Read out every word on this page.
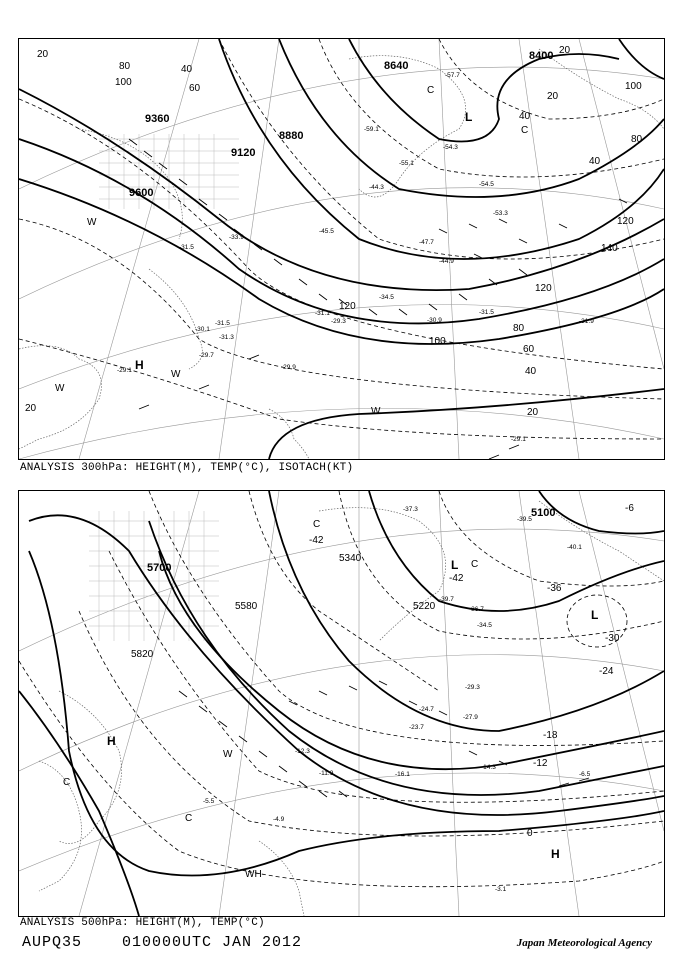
9360
9120
9600
8640
8400
8880
20
40
60
80
100
120
140
80
100
120
120
100
80
60
40
20
20
40
40
20
20
-29.1
-29.7
-30.1
-31.5
-31.3
-29.9
-31.5
-33.9
-31.1
-29.3
-34.5
-30.9
-31.5
-31.9
-44.3
-45.5
-47.7
-44.9
-53.3
-54.5
-55.1
-54.3
-57.7
-59.1
-29.1
H
L
C
C
W
W
W
W
ANALYSIS 300hPa: HEIGHT(M), TEMP(°C), ISOTACH(KT)
5700
5580
5820
5340
5220
5100
-42
-42
-36
-30
-24
-18
-12
-6
0
-16.1
-14.3
-6.5
-3.1
-27.9
-29.3
-23.7
-24.7
-12.3
-11.9
-4.9
-5.5
-36.7
-34.5
-39.7
-37.3
-40.1
-39.5
L
L
C
C
C
H
H
WH
W
C
ANALYSIS 500hPa: HEIGHT(M), TEMP(°C)
AUPQ35	010000UTC JAN 2012	Japan Meteorological Agency
